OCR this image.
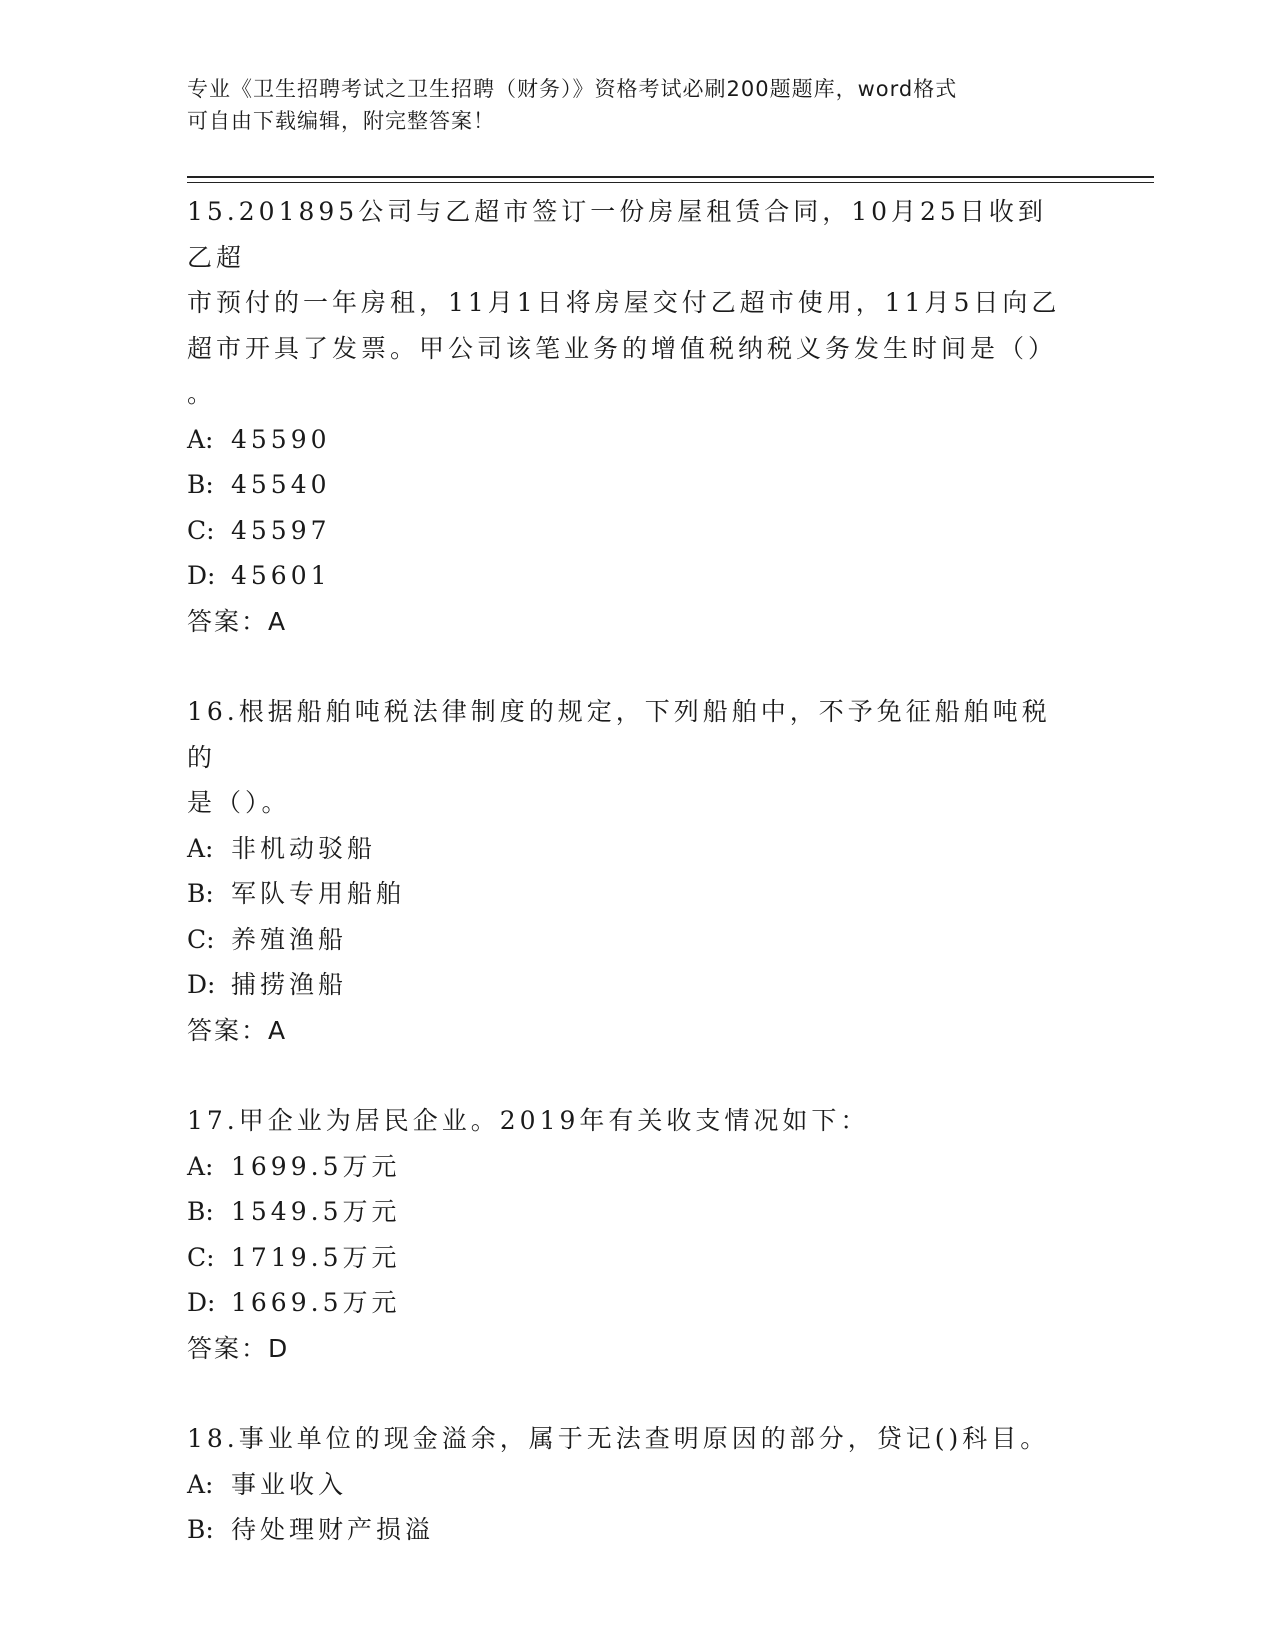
专业《卫生招聘考试之卫生招聘（财务）》资格考试必刷200题题库，word格式
可自由下载编辑，附完整答案！
15.201895公司与乙超市签订一份房屋租赁合同，10月25日收到乙超
市预付的一年房租，11月1日将房屋交付乙超市使用，11月5日向乙
超市开具了发票。甲公司该笔业务的增值税纳税义务发生时间是（）
。
A: 45590
B: 45540
C: 45597
D: 45601
答案：A
16.根据船舶吨税法律制度的规定，下列船舶中，不予免征船舶吨税的
是（）。
A: 非机动驳船
B: 军队专用船舶
C: 养殖渔船
D: 捕捞渔船
答案：A
17.甲企业为居民企业。2019年有关收支情况如下：
A: 1699.5万元
B: 1549.5万元
C: 1719.5万元
D: 1669.5万元
答案：D
18.事业单位的现金溢余，属于无法查明原因的部分，贷记()科目。
A: 事业收入
B: 待处理财产损溢
